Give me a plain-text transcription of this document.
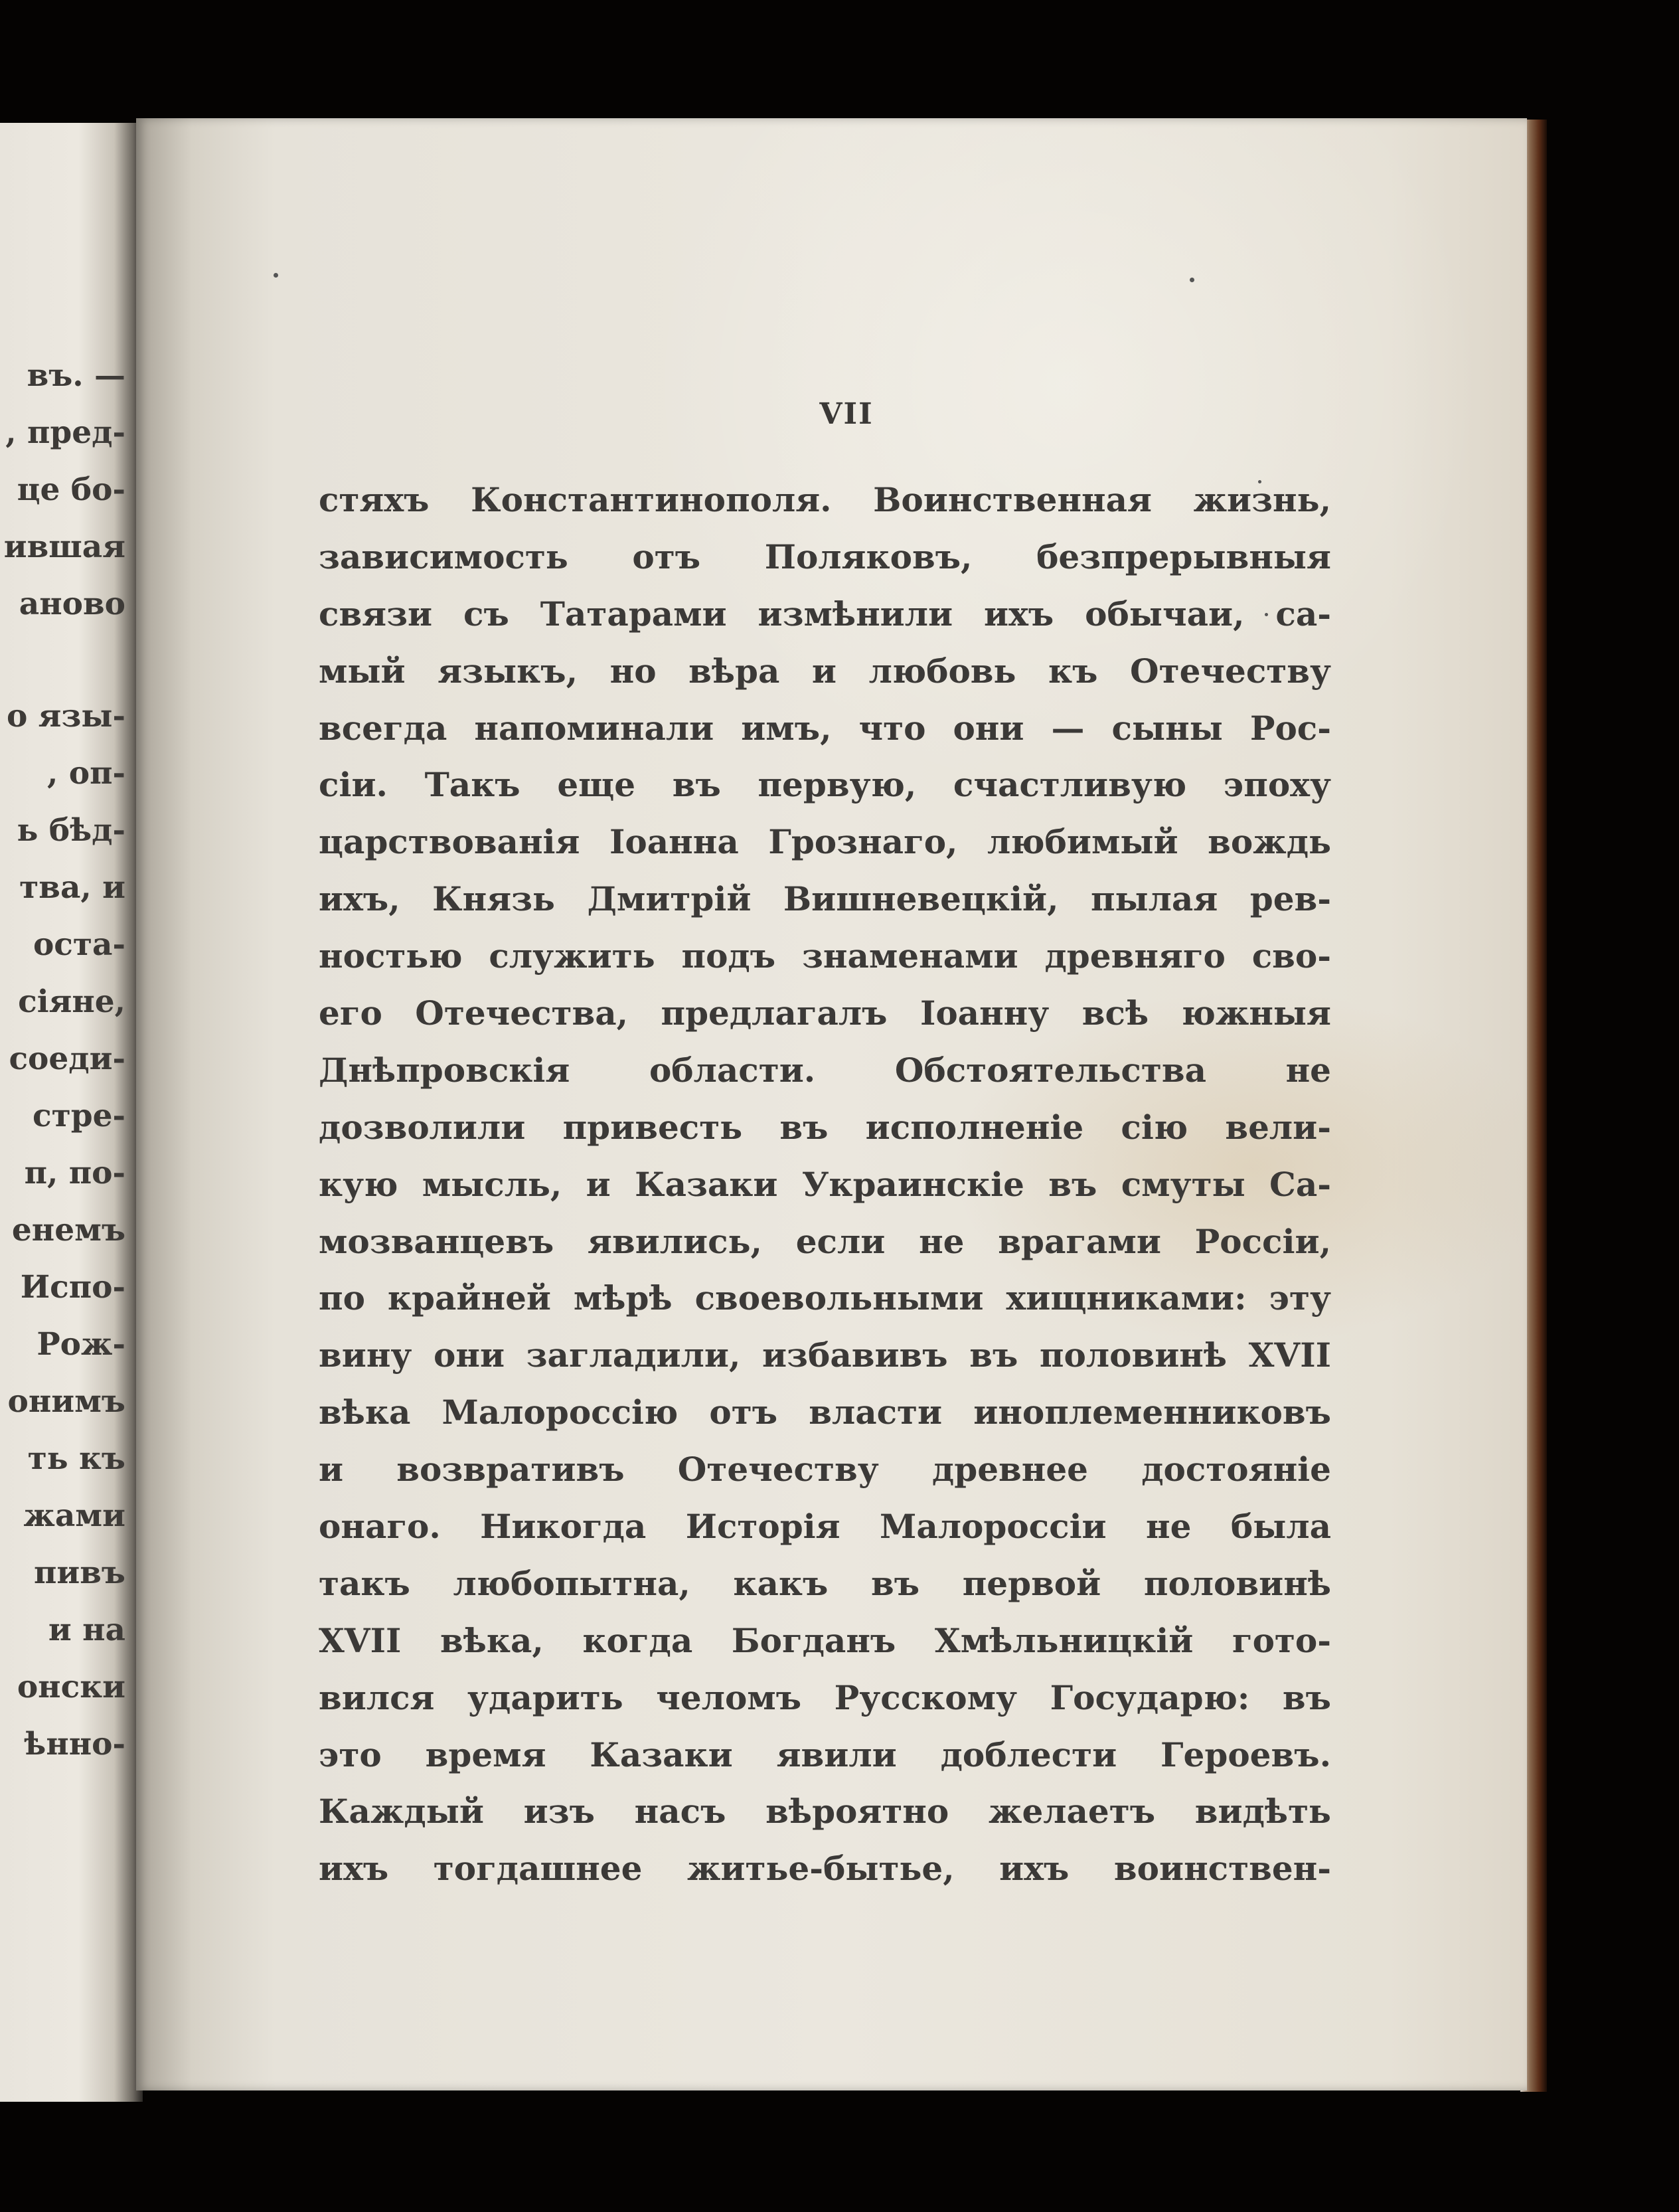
въ. —
, пред-
це бо-
ившая
аново
о язы-
, оп-
ь бѣд-
тва, и
оста-
сіяне,
соеди-
стре-
п, по-
енемъ
Испо-
Рож-
онимъ
ть къ
жами
пивъ
и на
онски
ѣнно-
VII
стяхъ Константинополя. Воинственная жизнь,
зависимость отъ Поляковъ, безпрерывныя
связи съ Татарами измѣнили ихъ обычаи, са-
мый языкъ, но вѣра и любовь къ Отечеству
всегда напоминали имъ, что они — сыны Рос-
сіи. Такъ еще въ первую, счастливую эпоху
царствованія Іоанна Грознаго, любимый вождь
ихъ, Князь Дмитрій Вишневецкій, пылая рев-
ностью служить подъ знаменами древняго сво-
его Отечества, предлагалъ Іоанну всѣ южныя
Днѣпровскія области. Обстоятельства не
дозволили привесть въ исполненіе сію вели-
кую мысль, и Казаки Украинскіе въ смуты Са-
мозванцевъ явились, если не врагами Россіи,
по крайней мѣрѣ своевольными хищниками: эту
вину они загладили, избавивъ въ половинѣ XVII
вѣка Малороссію отъ власти иноплеменниковъ
и возвративъ Отечеству древнее достояніе
онаго. Никогда Исторія Малороссіи не была
такъ любопытна, какъ въ первой половинѣ
XVII вѣка, когда Богданъ Хмѣльницкій гото-
вился ударить челомъ Русскому Государю: въ
это время Казаки явили доблести Героевъ.
Каждый изъ насъ вѣроятно желаетъ видѣть
ихъ тогдашнее житье-бытье, ихъ воинствен-
